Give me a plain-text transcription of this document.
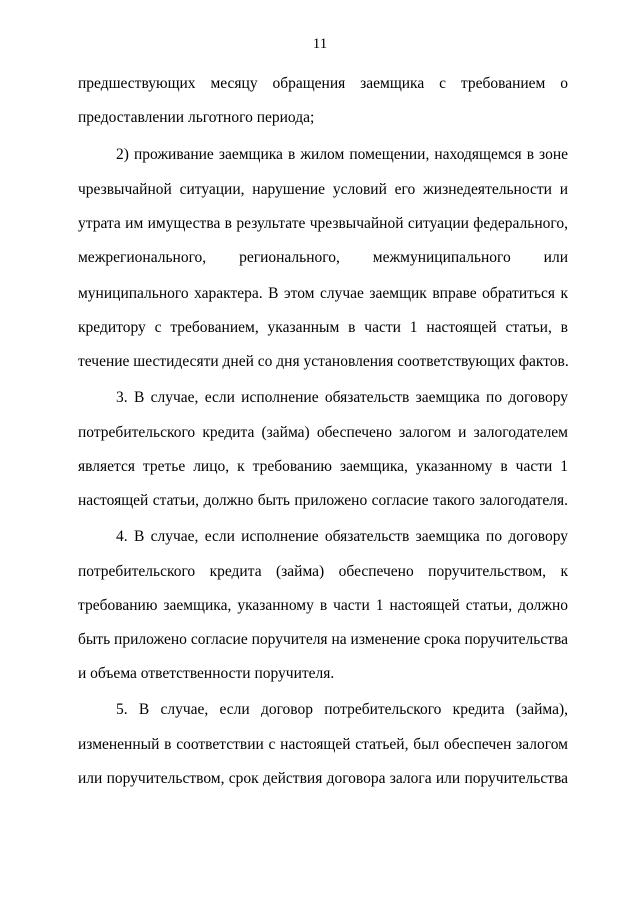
11
предшествующих месяцу обращения заемщика с требованием о
предоставлении льготного периода;
2) проживание заемщика в жилом помещении, находящемся в зоне
чрезвычайной ситуации, нарушение условий его жизнедеятельности и
утрата им имущества в результате чрезвычайной ситуации федерального,
межрегионального, регионального, межмуниципального или
муниципального характера. В этом случае заемщик вправе обратиться к
кредитору с требованием, указанным в части 1 настоящей статьи, в
течение шестидесяти дней со дня установления соответствующих фактов.
3. В случае, если исполнение обязательств заемщика по договору
потребительского кредита (займа) обеспечено залогом и залогодателем
является третье лицо, к требованию заемщика, указанному в части 1
настоящей статьи, должно быть приложено согласие такого залогодателя.
4. В случае, если исполнение обязательств заемщика по договору
потребительского кредита (займа) обеспечено поручительством, к
требованию заемщика, указанному в части 1 настоящей статьи, должно
быть приложено согласие поручителя на изменение срока поручительства
и объема ответственности поручителя.
5. В случае, если договор потребительского кредита (займа),
измененный в соответствии с настоящей статьей, был обеспечен залогом
или поручительством, срок действия договора залога или поручительства
